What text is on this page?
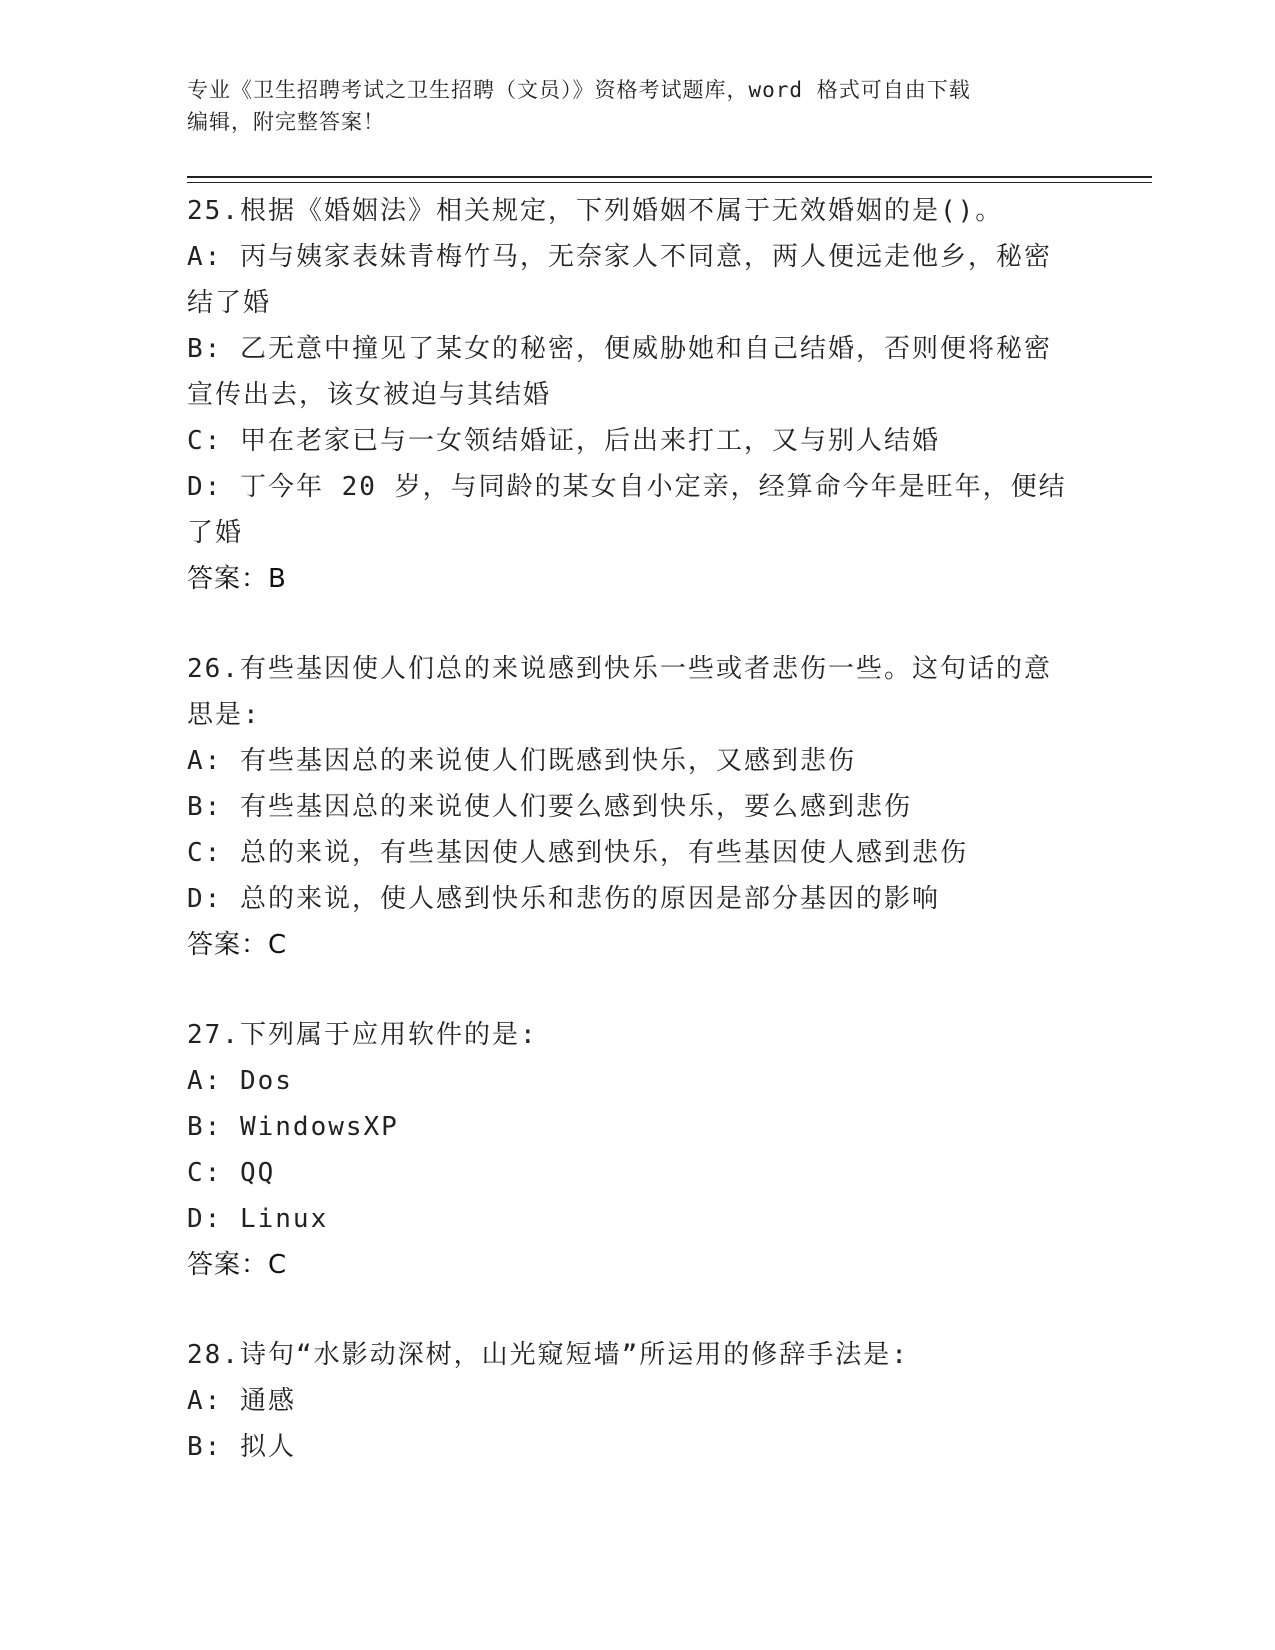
专业《卫生招聘考试之卫生招聘（文员）》资格考试题库，word 格式可自由下载
编辑，附完整答案！
25.根据《婚姻法》相关规定，下列婚姻不属于无效婚姻的是()。
A: 丙与姨家表妹青梅竹马，无奈家人不同意，两人便远走他乡，秘密
结了婚
B: 乙无意中撞见了某女的秘密，便威胁她和自己结婚，否则便将秘密
宣传出去，该女被迫与其结婚
C: 甲在老家已与一女领结婚证，后出来打工，又与别人结婚
D: 丁今年 20 岁，与同龄的某女自小定亲，经算命今年是旺年，便结
了婚
答案：B
26.有些基因使人们总的来说感到快乐一些或者悲伤一些。这句话的意
思是:
A: 有些基因总的来说使人们既感到快乐，又感到悲伤
B: 有些基因总的来说使人们要么感到快乐，要么感到悲伤
C: 总的来说，有些基因使人感到快乐，有些基因使人感到悲伤
D: 总的来说，使人感到快乐和悲伤的原因是部分基因的影响
答案：C
27.下列属于应用软件的是:
A: Dos
B: WindowsXP
C: QQ
D: Linux
答案：C
28.诗句“水影动深树，山光窥短墙”所运用的修辞手法是:
A: 通感
B: 拟人
